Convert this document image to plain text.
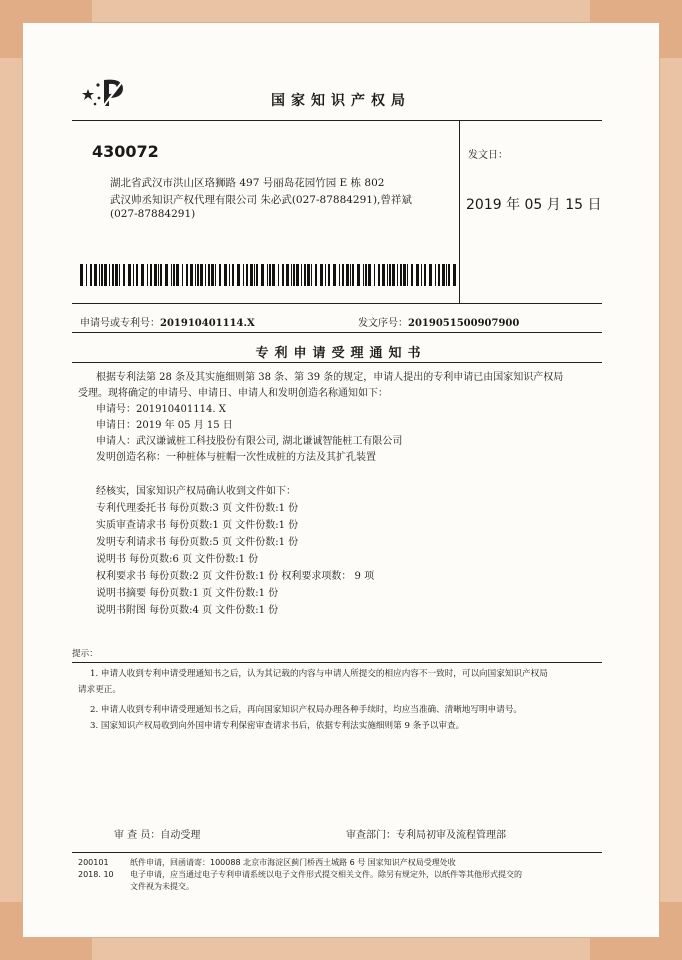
国家知识产权局
430072
湖北省武汉市洪山区珞狮路 497 号丽岛花园竹园 E 栋 802
武汉帅丞知识产权代理有限公司 朱必武(027-87884291),曾祥斌
(027-87884291)
发文日：
2019 年 05 月 15 日
申请号或专利号：201910401114.X	发文序号：2019051500907900
专利申请受理通知书
根据专利法第 28 条及其实施细则第 38 条、第 39 条的规定，申请人提出的专利申请已由国家知识产权局
受理。现将确定的申请号、申请日、申请人和发明创造名称通知如下：
申请号：201910401114. X
申请日：2019 年 05 月 15 日
申请人：武汉谦诚桩工科技股份有限公司, 湖北谦诚智能桩工有限公司
发明创造名称：一种桩体与桩帽一次性成桩的方法及其扩孔装置
经核实，国家知识产权局确认收到文件如下：
专利代理委托书 每份页数:3 页 文件份数:1 份
实质审查请求书 每份页数:1 页 文件份数:1 份
发明专利请求书 每份页数:5 页 文件份数:1 份
说明书 每份页数:6 页 文件份数:1 份
权利要求书 每份页数:2 页 文件份数:1 份 权利要求项数： 9 项
说明书摘要 每份页数:1 页 文件份数:1 份
说明书附图 每份页数:4 页 文件份数:1 份
提示：
1. 申请人收到专利申请受理通知书之后，认为其记载的内容与申请人所提交的相应内容不一致时，可以向国家知识产权局
请求更正。
2. 申请人收到专利申请受理通知书之后，再向国家知识产权局办理各种手续时，均应当准确、清晰地写明申请号。
3. 国家知识产权局收到向外国申请专利保密审查请求书后，依据专利法实施细则第 9 条予以审查。
审 查 员：自动受理	审查部门：专利局初审及流程管理部
200101
2018. 10
纸件申请，回函请寄：100088 北京市海淀区蓟门桥西土城路 6 号 国家知识产权局受理处收
电子申请，应当通过电子专利申请系统以电子文件形式提交相关文件。除另有规定外，以纸件等其他形式提交的
文件视为未提交。
